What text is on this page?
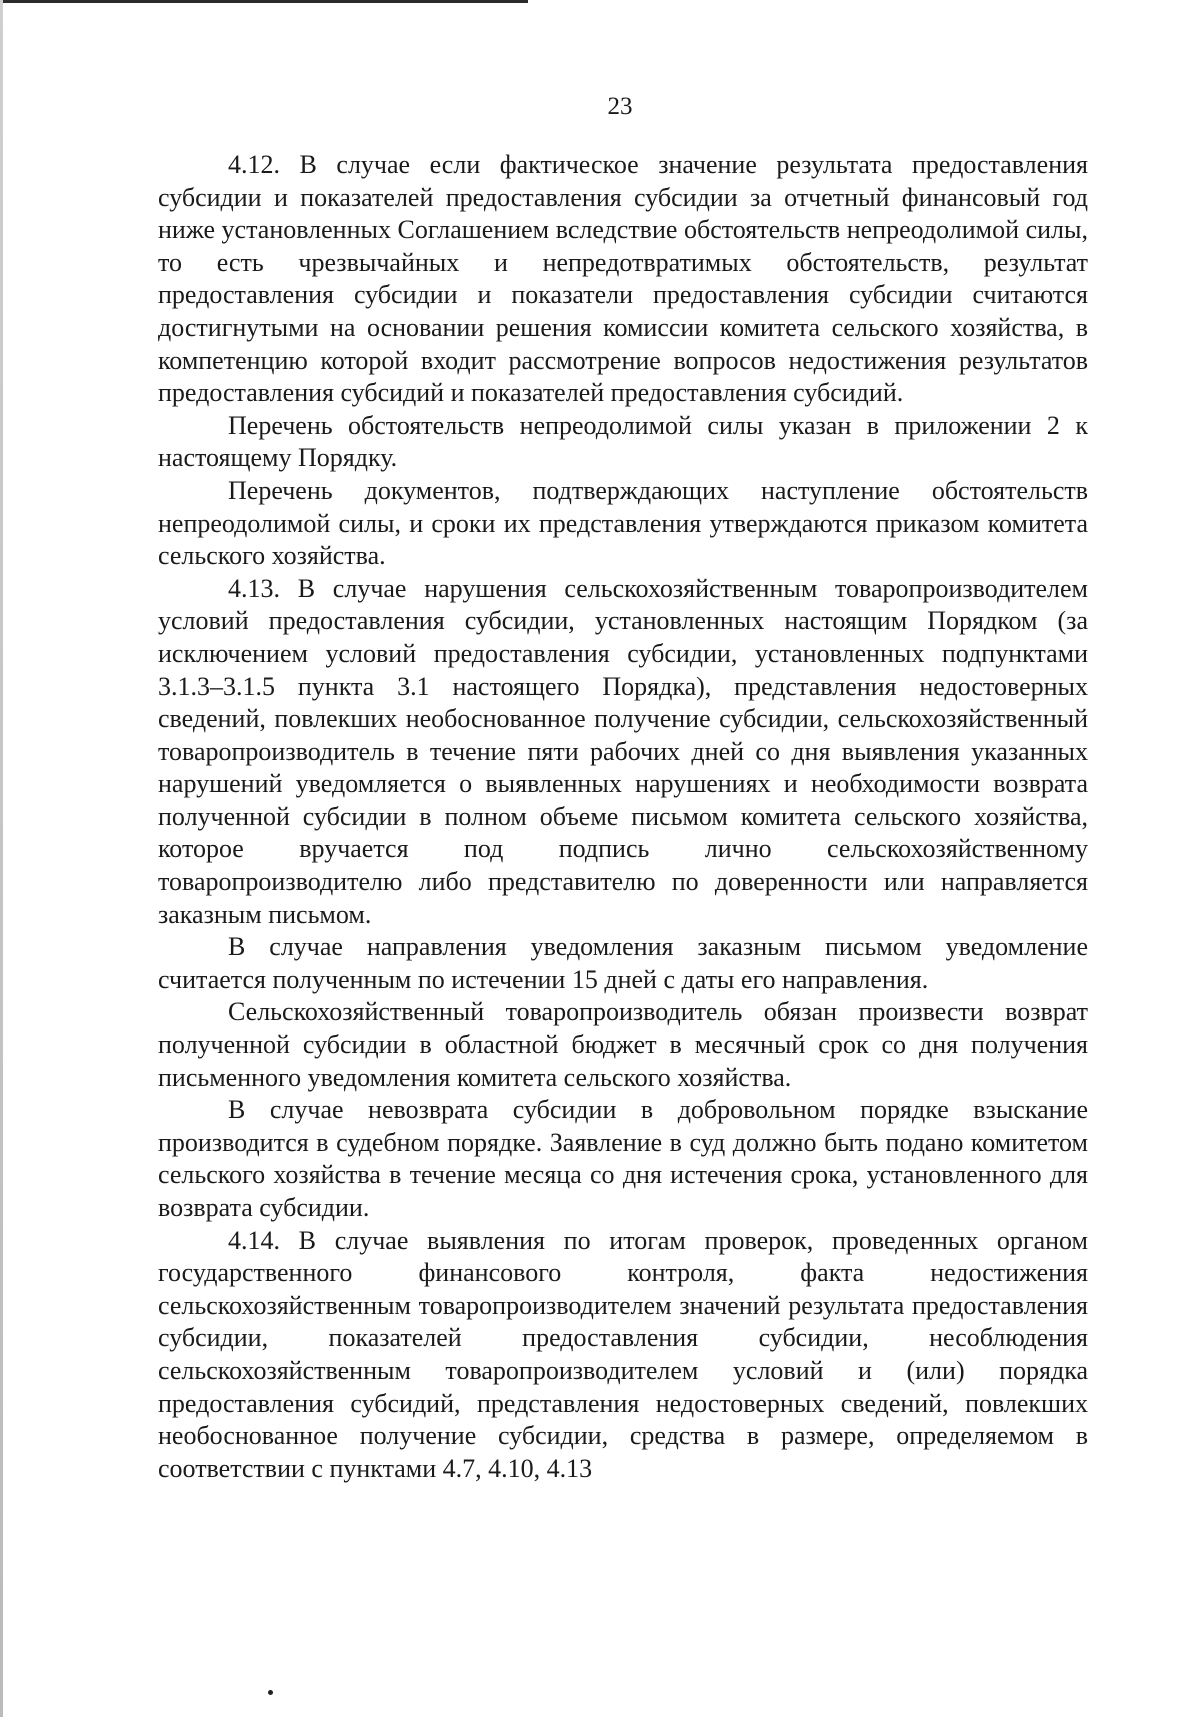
23

4.12. В случае если фактическое значение результата предоставления субсидии и показателей предоставления субсидии за отчетный финансовый год ниже установленных Соглашением вследствие обстоятельств непреодолимой силы, то есть чрезвычайных и непредотвратимых обстоятельств, результат предоставления субсидии и показатели предоставления субсидии считаются достигнутыми на основании решения комиссии комитета сельского хозяйства, в компетенцию которой входит рассмотрение вопросов недостижения результатов предоставления субсидий и показателей предоставления субсидий.

Перечень обстоятельств непреодолимой силы указан в приложении 2 к настоящему Порядку.

Перечень документов, подтверждающих наступление обстоятельств непреодолимой силы, и сроки их представления утверждаются приказом комитета сельского хозяйства.

4.13. В случае нарушения сельскохозяйственным товаропроизводителем условий предоставления субсидии, установленных настоящим Порядком (за исключением условий предоставления субсидии, установленных подпунктами 3.1.3–3.1.5 пункта 3.1 настоящего Порядка), представления недостоверных сведений, повлекших необоснованное получение субсидии, сельскохозяйственный товаропроизводитель в течение пяти рабочих дней со дня выявления указанных нарушений уведомляется о выявленных нарушениях и необходимости возврата полученной субсидии в полном объеме письмом комитета сельского хозяйства, которое вручается под подпись лично сельскохозяйственному товаропроизводителю либо представителю по доверенности или направляется заказным письмом.

В случае направления уведомления заказным письмом уведомление считается полученным по истечении 15 дней с даты его направления.

Сельскохозяйственный товаропроизводитель обязан произвести возврат полученной субсидии в областной бюджет в месячный срок со дня получения письменного уведомления комитета сельского хозяйства.

В случае невозврата субсидии в добровольном порядке взыскание производится в судебном порядке. Заявление в суд должно быть подано комитетом сельского хозяйства в течение месяца со дня истечения срока, установленного для возврата субсидии.

4.14. В случае выявления по итогам проверок, проведенных органом государственного финансового контроля, факта недостижения сельскохозяйственным товаропроизводителем значений результата предоставления субсидии, показателей предоставления субсидии, несоблюдения сельскохозяйственным товаропроизводителем условий и (или) порядка предоставления субсидий, представления недостоверных сведений, повлекших необоснованное получение субсидии, средства в размере, определяемом в соответствии с пунктами 4.7, 4.10, 4.13
